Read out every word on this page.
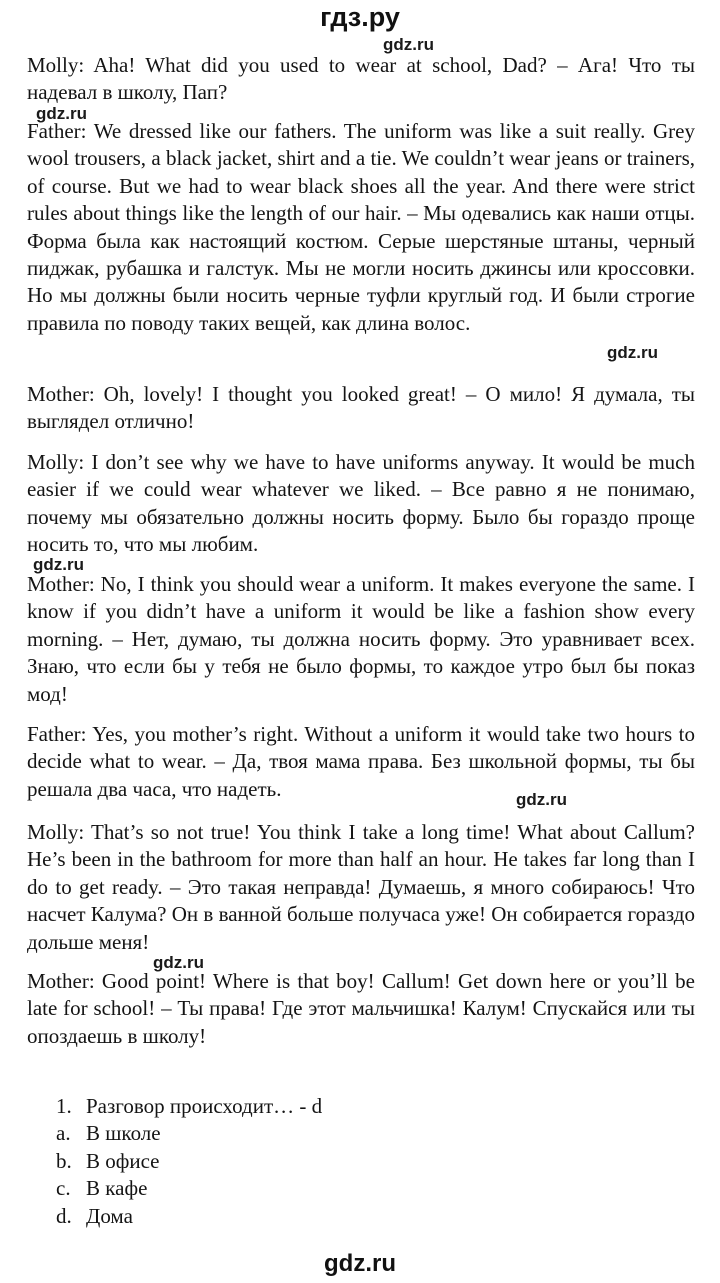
гдз.ру
gdz.ru
gdz.ru
gdz.ru
gdz.ru
gdz.ru
gdz.ru

Molly: Aha! What did you used to wear at school, Dad? – Ага! Что ты надевал в школу, Пап?

Father: We dressed like our fathers. The uniform was like a suit really. Grey wool trousers, a black jacket, shirt and a tie. We couldn’t wear jeans or trainers, of course. But we had to wear black shoes all the year. And there were strict rules about things like the length of our hair. – Мы одевались как наши отцы. Форма была как настоящий костюм. Серые шерстяные штаны, черный пиджак, рубашка и галстук. Мы не могли носить джинсы или кроссовки. Но мы должны были носить черные туфли круглый год. И были строгие правила по поводу таких вещей, как длина волос.

Mother: Oh, lovely! I thought you looked great! – О мило! Я думала, ты выглядел отлично!

Molly: I don’t see why we have to have uniforms anyway. It would be much easier if we could wear whatever we liked. – Все равно я не понимаю, почему мы обязательно должны носить форму. Было бы гораздо проще носить то, что мы любим.

Mother: No, I think you should wear a uniform. It makes everyone the same. I know if you didn’t have a uniform it would be like a fashion show every morning. – Нет, думаю, ты должна носить форму. Это уравнивает всех. Знаю, что если бы у тебя не было формы, то каждое утро был бы показ мод!

Father: Yes, you mother’s right. Without a uniform it would take two hours to decide what to wear. – Да, твоя мама права. Без школьной формы, ты бы решала два часа, что надеть.

Molly: That’s so not true! You think I take a long time! What about Callum? He’s been in the bathroom for more than half an hour. He takes far long than I do to get ready. – Это такая неправда! Думаешь, я много собираюсь! Что насчет Калума? Он в ванной больше получаса уже! Он собирается гораздо дольше меня!

Mother: Good point! Where is that boy! Callum! Get down here or you’ll be late for school! – Ты права! Где этот мальчишка! Калум! Спускайся или ты опоздаешь в школу!

1. Разговор происходит… - d
a. В школе
b. В офисе
c. В кафе
d. Дома
gdz.ru
